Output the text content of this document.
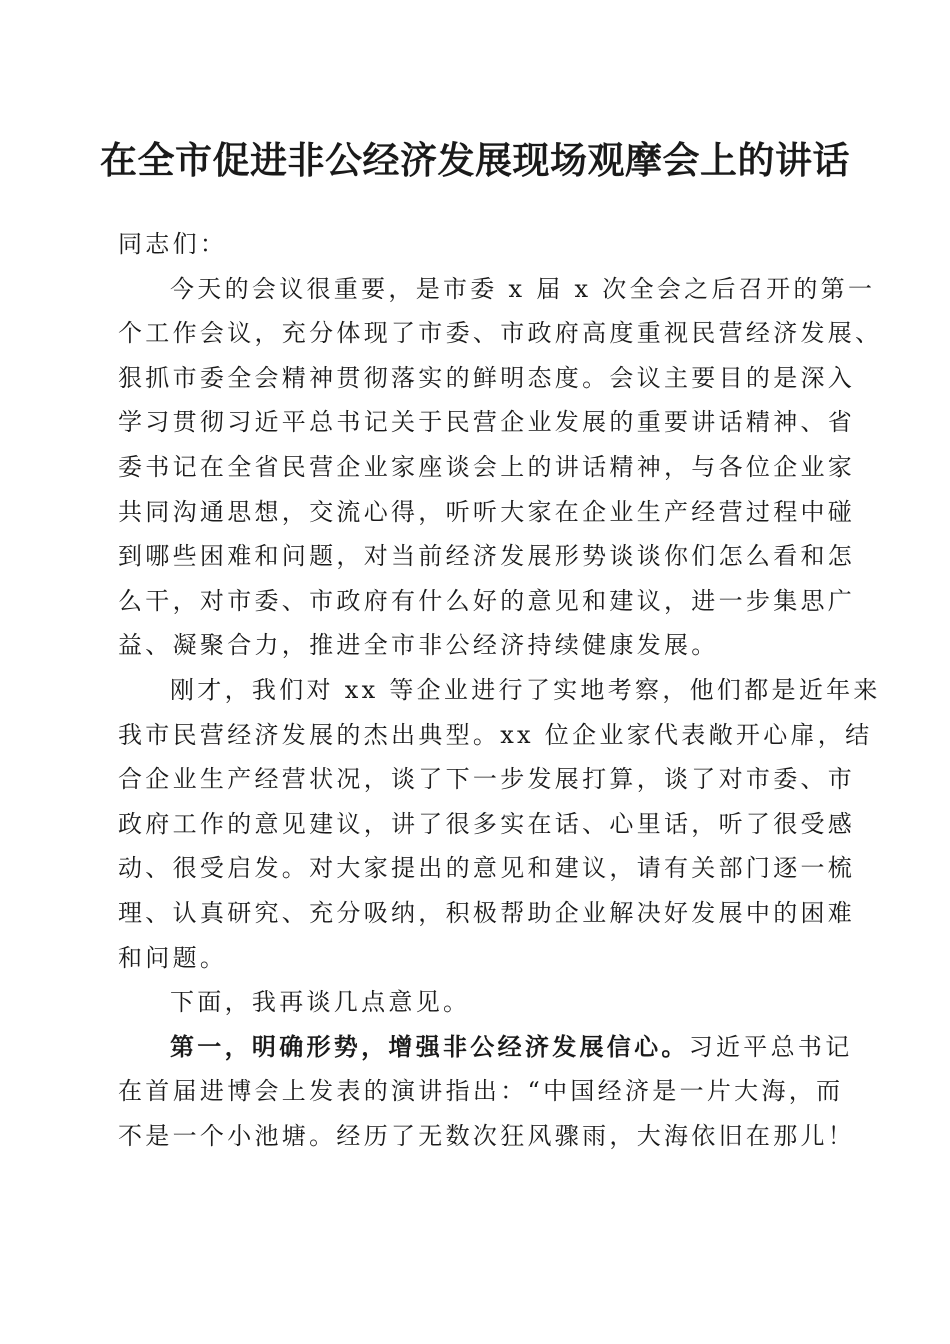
在全市促进非公经济发展现场观摩会上的讲话
同志们：
今天的会议很重要，是市委 x 届 x 次全会之后召开的第一
个工作会议，充分体现了市委、市政府高度重视民营经济发展、
狠抓市委全会精神贯彻落实的鲜明态度。会议主要目的是深入
学习贯彻习近平总书记关于民营企业发展的重要讲话精神、省
委书记在全省民营企业家座谈会上的讲话精神，与各位企业家
共同沟通思想，交流心得，听听大家在企业生产经营过程中碰
到哪些困难和问题，对当前经济发展形势谈谈你们怎么看和怎
么干，对市委、市政府有什么好的意见和建议，进一步集思广
益、凝聚合力，推进全市非公经济持续健康发展。
刚才，我们对 xx 等企业进行了实地考察，他们都是近年来
我市民营经济发展的杰出典型。xx 位企业家代表敞开心扉，结
合企业生产经营状况，谈了下一步发展打算，谈了对市委、市
政府工作的意见建议，讲了很多实在话、心里话，听了很受感
动、很受启发。对大家提出的意见和建议，请有关部门逐一梳
理、认真研究、充分吸纳，积极帮助企业解决好发展中的困难
和问题。
下面，我再谈几点意见。
第一，明确形势，增强非公经济发展信心。习近平总书记
在首届进博会上发表的演讲指出：“中国经济是一片大海，而
不是一个小池塘。经历了无数次狂风骤雨，大海依旧在那儿！
